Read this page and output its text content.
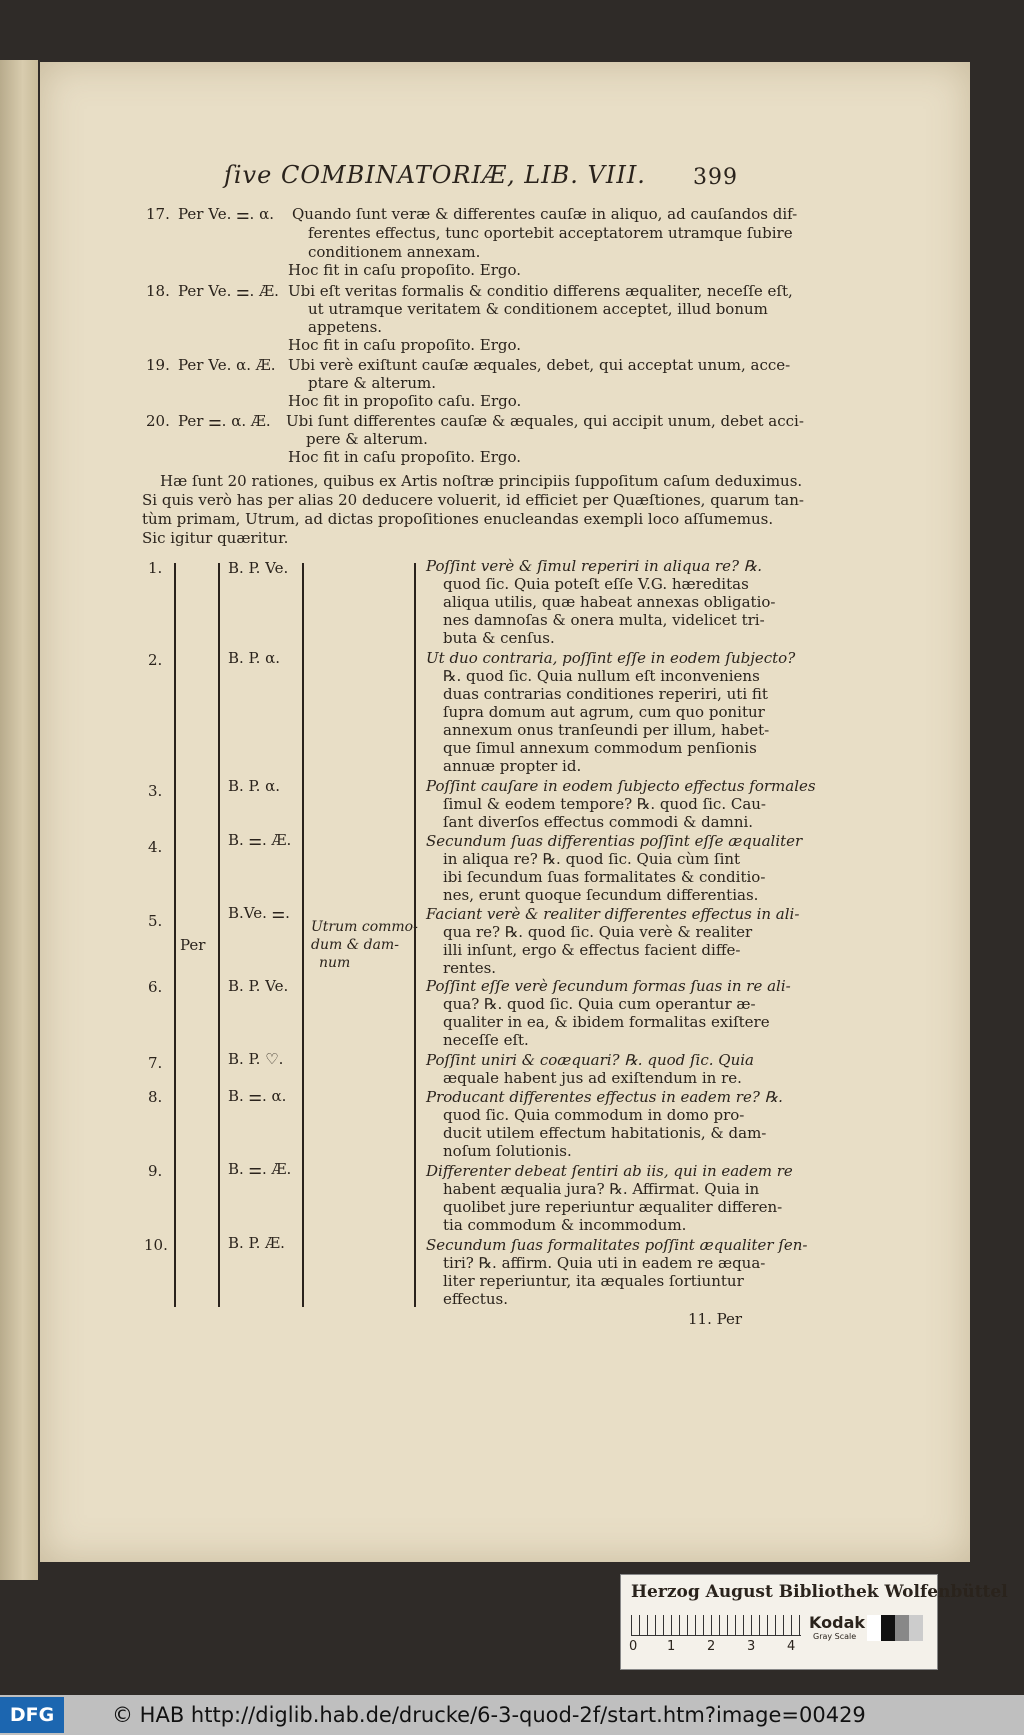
ſive COMBINATORIÆ, LIB. VIII. 399
17. Per Ve. ⚌. α. Quando ſunt veræ & differentes cauſæ in aliquo, ad cauſandos dif-
ferentes effectus, tunc oportebit acceptatorem utramque ſubire
conditionem annexam.
Hoc fit in caſu propoſito. Ergo.
18. Per Ve. ⚌. Æ. Ubi eſt veritas formalis & conditio differens æqualiter, neceſſe eſt,
ut utramque veritatem & conditionem acceptet, illud bonum
appetens.
Hoc fit in caſu propoſito. Ergo.
19. Per Ve. α. Æ. Ubi verè exiſtunt cauſæ æquales, debet, qui acceptat unum, acce-
ptare & alterum.
Hoc fit in propoſito caſu. Ergo.
20. Per ⚌. α. Æ. Ubi ſunt differentes cauſæ & æquales, qui accipit unum, debet acci-
pere & alterum.
Hoc fit in caſu propoſito. Ergo.
Hæ ſunt 20 rationes, quibus ex Artis noſtræ principiis ſuppoſitum caſum deduximus.
Si quis verò has per alias 20 deducere voluerit, id efficiet per Quæſtiones, quarum tan-
tùm primam, Utrum, ad dictas propoſitiones enucleandas exempli loco aſſumemus.
Sic igitur quæritur.
Per
Utrum commo-
dum & dam-
num
1.	B. P. Ve.	Poſſint verè & ſimul reperiri in aliqua re? ℞.
quod ſic. Quia poteſt eſſe V.G. hæreditas
aliqua utilis, quæ habeat annexas obligatio-
nes damnoſas & onera multa, videlicet tri-
buta & cenſus.
2.	B. P. α.	Ut duo contraria, poſſint eſſe in eodem ſubjecto?
℞. quod ſic. Quia nullum eſt inconveniens
duas contrarias conditiones reperiri, uti fit
ſupra domum aut agrum, cum quo ponitur
annexum onus tranſeundi per illum, habet-
que ſimul annexum commodum penſionis
annuæ propter id.
3.	B. P. α.	Poſſint cauſare in eodem ſubjecto effectus formales
ſimul & eodem tempore? ℞. quod ſic. Cau-
ſant diverſos effectus commodi & damni.
4.	B. ⚌. Æ.	Secundum ſuas differentias poſſint eſſe æqualiter
in aliqua re? ℞. quod ſic. Quia cùm ſint
ibi ſecundum ſuas formalitates & conditio-
nes, erunt quoque ſecundum differentias.
5.	B.Ve. ⚌.	Faciant verè & realiter differentes effectus in ali-
qua re? ℞. quod ſic. Quia verè & realiter
illi inſunt, ergo & effectus facient diffe-
rentes.
6.	B. P. Ve.	Poſſint eſſe verè ſecundum formas ſuas in re ali-
qua? ℞. quod ſic. Quia cum operantur æ-
qualiter in ea, & ibidem formalitas exiſtere
neceſſe eſt.
7.	B. P. ♡.	Poſſint uniri & coæquari? ℞. quod ſic. Quia
æquale habent jus ad exiſtendum in re.
8.	B. ⚌. α.	Producant differentes effectus in eadem re? ℞.
quod ſic. Quia commodum in domo pro-
ducit utilem effectum habitationis, & dam-
noſum ſolutionis.
9.	B. ⚌. Æ.	Differenter debeat ſentiri ab iis, qui in eadem re
habent æqualia jura? ℞. Affirmat. Quia in
quolibet jure reperiuntur æqualiter differen-
tia commodum & incommodum.
10.	B. P. Æ.	Secundum ſuas formalitates poſſint æqualiter ſen-
tiri? ℞. affirm. Quia uti in eadem re æqua-
liter reperiuntur, ita æquales ſortiuntur
effectus.
11. Per
Herzog August Bibliothek Wolfenbüttel
0 1 2 3 4
Kodak
Gray Scale
DFG	© HAB http://diglib.hab.de/drucke/6-3-quod-2f/start.htm?image=00429
